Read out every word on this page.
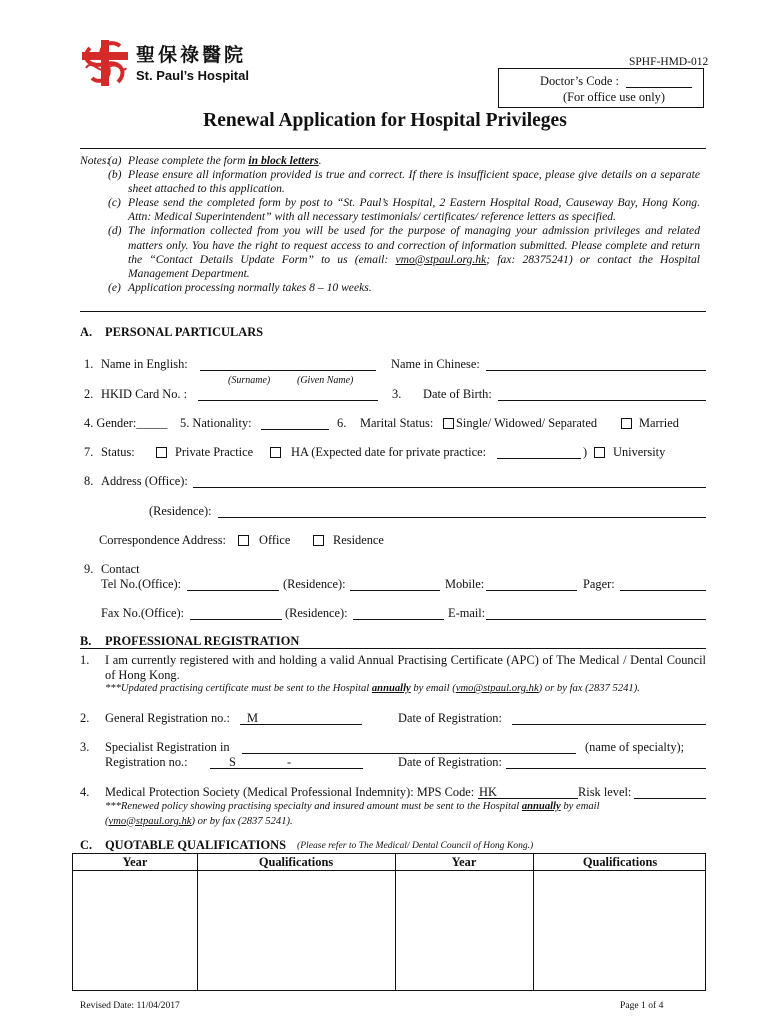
聖保祿醫院
St. Paul’s Hospital
SPHF-HMD-012
Doctor’s Code :
(For office use only)
Renewal Application for Hospital Privileges
Notes:

(a) Please complete the form in block letters.

(b) Please ensure all information provided is true and correct. If there is insufficient space, please give details on a separate sheet attached to this application.

(c) Please send the completed form by post to “St. Paul’s Hospital, 2 Eastern Hospital Road, Causeway Bay, Hong Kong. Attn: Medical Superintendent” with all necessary testimonials/ certificates/ reference letters as specified.

(d) The information collected from you will be used for the purpose of managing your admission privileges and related matters only. You have the right to request access to and correction of information submitted. Please complete and return the “Contact Details Update Form” to us (email: vmo@stpaul.org.hk; fax: 28375241) or contact the Hospital Management Department.

(e) Application processing normally takes 8 – 10 weeks.

A. PERSONAL PARTICULARS
1. Name in English:	Name in Chinese:
(Surname)	(Given Name)
2. HKID Card No. :	3. Date of Birth:
4. Gender:_____ 5. Nationality:	6. Marital Status: Single/ Widowed/ Separated	Married
7. Status:	Private Practice	HA (Expected date for private practice:	) University
8. Address (Office):
(Residence):
Correspondence Address:	Office	Residence
9. Contact
Tel No.(Office):	(Residence):	Mobile:	Pager:
Fax No.(Office):	(Residence):	E-mail:
B. PROFESSIONAL REGISTRATION
1. I am currently registered with and holding a valid Annual Practising Certificate (APC) of The Medical / Dental Council of Hong Kong.
***Updated practising certificate must be sent to the Hospital annually by email (vmo@stpaul.org.hk) or by fax (2837 5241).
2. General Registration no.: M	Date of Registration:
3. Specialist Registration in	(name of specialty);
Registration no.:	S	-	Date of Registration:
4. Medical Protection Society (Medical Professional Indemnity): MPS Code: HK	Risk level:
***Renewed policy showing practising specialty and insured amount must be sent to the Hospital annually by email
(vmo@stpaul.org.hk) or by fax (2837 5241).
C. QUOTABLE QUALIFICATIONS (Please refer to The Medical/ Dental Council of Hong Kong.)
Year	Qualifications	Year	Qualifications
Revised Date: 11/04/2017	Page 1 of 4
